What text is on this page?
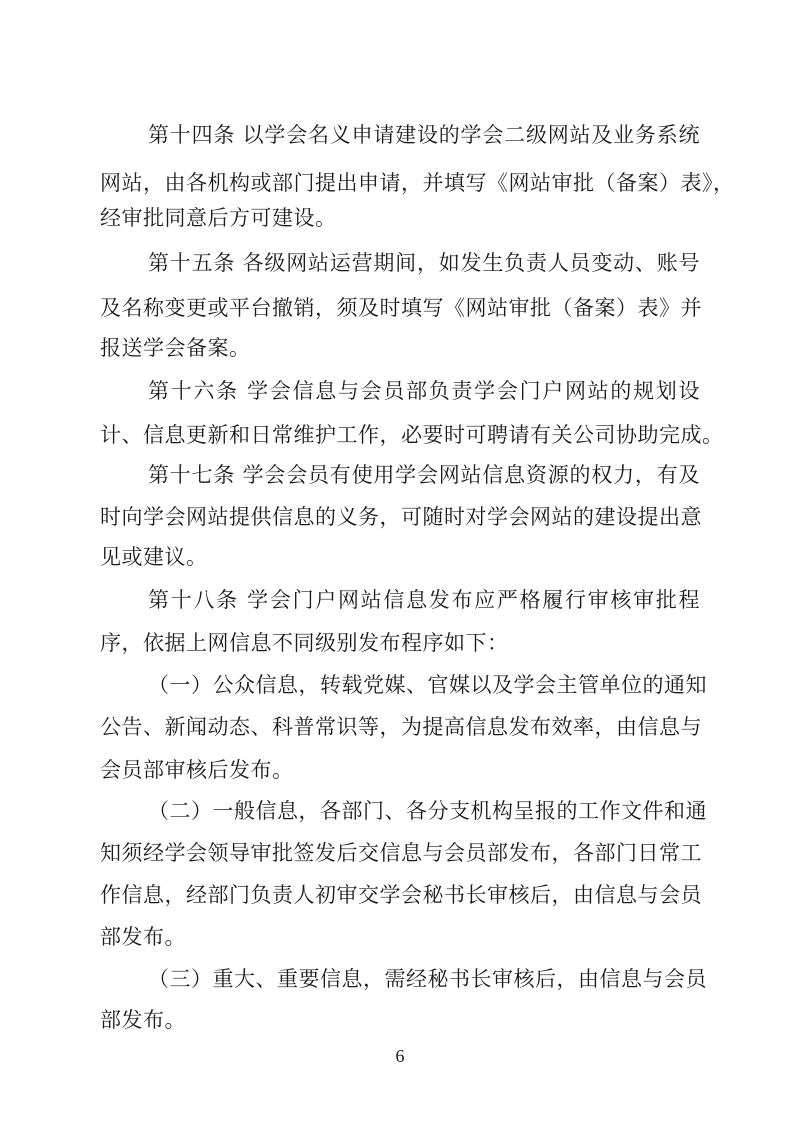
第十四条 以学会名义申请建设的学会二级网站及业务系统
网站，由各机构或部门提出申请，并填写《网站审批（备案）表》，
经审批同意后方可建设。
第十五条 各级网站运营期间，如发生负责人员变动、账号
及名称变更或平台撤销，须及时填写《网站审批（备案）表》并
报送学会备案。
第十六条 学会信息与会员部负责学会门户网站的规划设
计、信息更新和日常维护工作，必要时可聘请有关公司协助完成。
第十七条 学会会员有使用学会网站信息资源的权力，有及
时向学会网站提供信息的义务，可随时对学会网站的建设提出意
见或建议。
第十八条 学会门户网站信息发布应严格履行审核审批程
序，依据上网信息不同级别发布程序如下：
（一）公众信息，转载党媒、官媒以及学会主管单位的通知
公告、新闻动态、科普常识等，为提高信息发布效率，由信息与
会员部审核后发布。
（二）一般信息，各部门、各分支机构呈报的工作文件和通
知须经学会领导审批签发后交信息与会员部发布，各部门日常工
作信息，经部门负责人初审交学会秘书长审核后，由信息与会员
部发布。
（三）重大、重要信息，需经秘书长审核后，由信息与会员
部发布。
6
